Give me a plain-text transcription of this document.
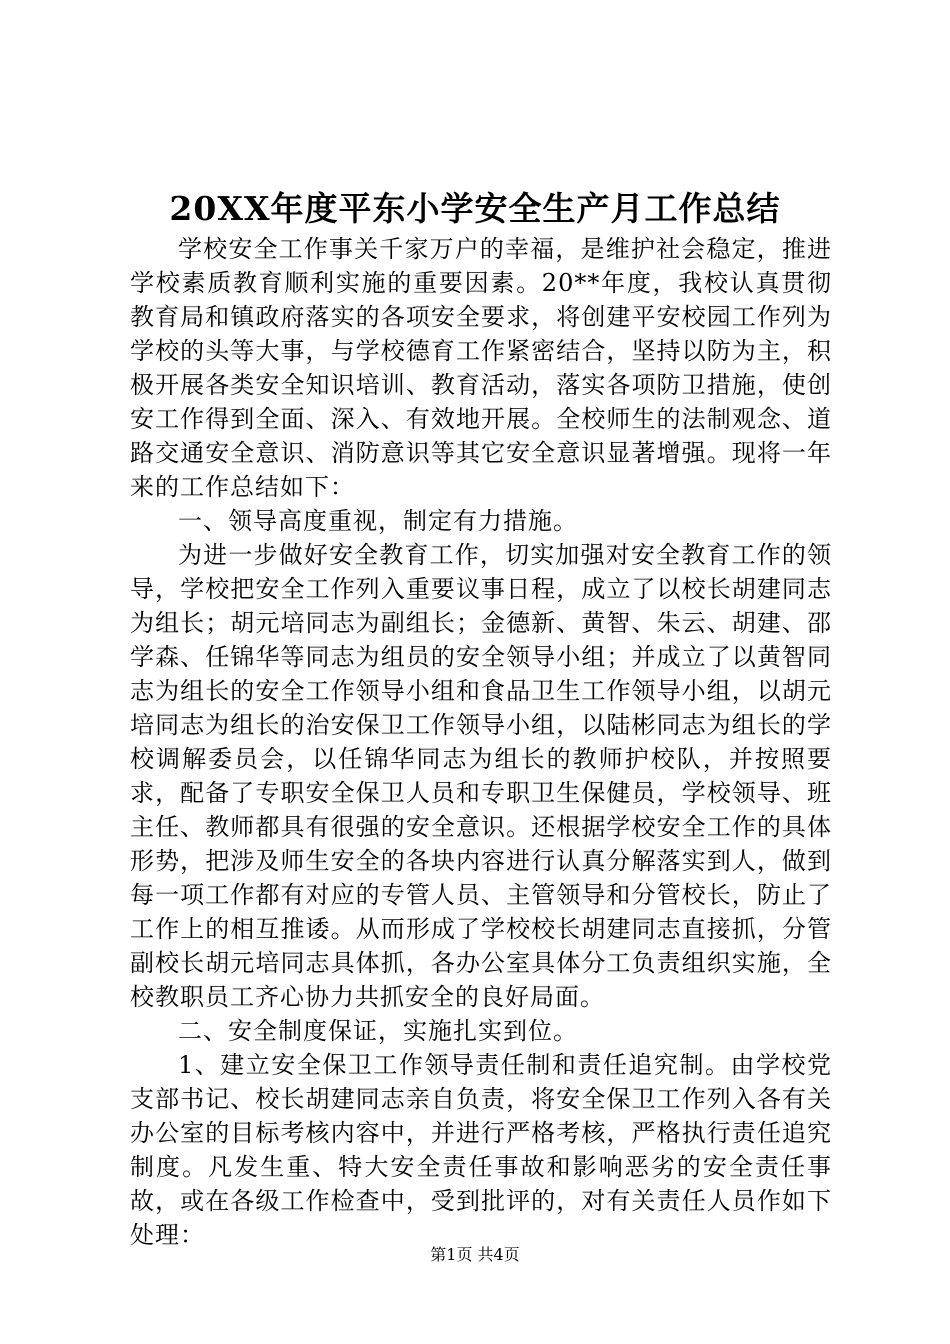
20XX年度平东小学安全生产月工作总结

学校安全工作事关千家万户的幸福，是维护社会稳定，推进学校素质教育顺利实施的重要因素。20**年度，我校认真贯彻教育局和镇政府落实的各项安全要求，将创建平安校园工作列为学校的头等大事，与学校德育工作紧密结合，坚持以防为主，积极开展各类安全知识培训、教育活动，落实各项防卫措施，使创安工作得到全面、深入、有效地开展。全校师生的法制观念、道路交通安全意识、消防意识等其它安全意识显著增强。现将一年来的工作总结如下：

一、领导高度重视，制定有力措施。

为进一步做好安全教育工作，切实加强对安全教育工作的领导，学校把安全工作列入重要议事日程，成立了以校长胡建同志为组长；胡元培同志为副组长；金德新、黄智、朱云、胡建、邵学森、任锦华等同志为组员的安全领导小组；并成立了以黄智同志为组长的安全工作领导小组和食品卫生工作领导小组，以胡元培同志为组长的治安保卫工作领导小组，以陆彬同志为组长的学校调解委员会，以任锦华同志为组长的教师护校队，并按照要求，配备了专职安全保卫人员和专职卫生保健员，学校领导、班主任、教师都具有很强的安全意识。还根据学校安全工作的具体形势，把涉及师生安全的各块内容进行认真分解落实到人，做到每一项工作都有对应的专管人员、主管领导和分管校长，防止了工作上的相互推诿。从而形成了学校校长胡建同志直接抓，分管副校长胡元培同志具体抓，各办公室具体分工负责组织实施，全校教职员工齐心协力共抓安全的良好局面。

二、安全制度保证，实施扎实到位。

1、建立安全保卫工作领导责任制和责任追究制。由学校党支部书记、校长胡建同志亲自负责，将安全保卫工作列入各有关办公室的目标考核内容中，并进行严格考核，严格执行责任追究制度。凡发生重、特大安全责任事故和影响恶劣的安全责任事故，或在各级工作检查中，受到批评的，对有关责任人员作如下处理：

第1页 共4页
